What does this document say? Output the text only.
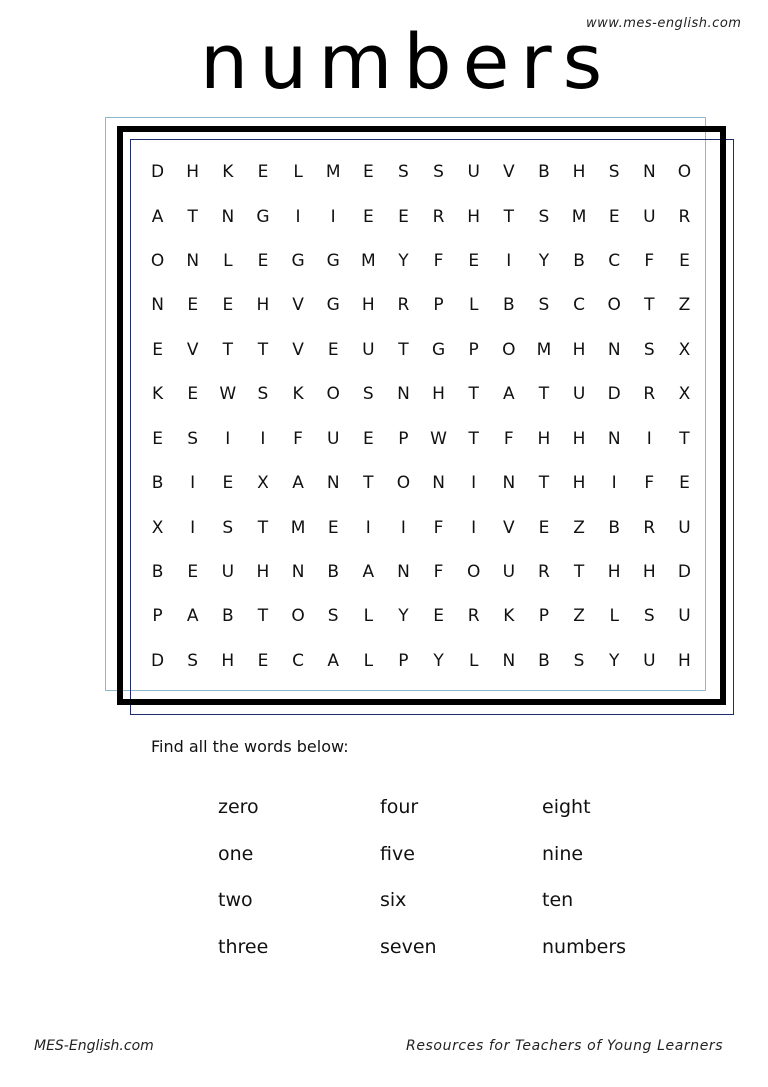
www.mes-english.com
numbers
D	H	K	E	L	M	E	S	S	U	V	B	H	S	N	O
A	T	N	G	I	I	E	E	R	H	T	S	M	E	U	R
O	N	L	E	G	G	M	Y	F	E	I	Y	B	C	F	E
N	E	E	H	V	G	H	R	P	L	B	S	C	O	T	Z
E	V	T	T	V	E	U	T	G	P	O	M	H	N	S	X
K	E	W	S	K	O	S	N	H	T	A	T	U	D	R	X
E	S	I	I	F	U	E	P	W	T	F	H	H	N	I	T
B	I	E	X	A	N	T	O	N	I	N	T	H	I	F	E
X	I	S	T	M	E	I	I	F	I	V	E	Z	B	R	U
B	E	U	H	N	B	A	N	F	O	U	R	T	H	H	D
P	A	B	T	O	S	L	Y	E	R	K	P	Z	L	S	U
D	S	H	E	C	A	L	P	Y	L	N	B	S	Y	U	H
Find all the words below:
zero
one
two
three
four
five
six
seven
eight
nine
ten
numbers
MES-English.com	Resources for Teachers of Young Learners
